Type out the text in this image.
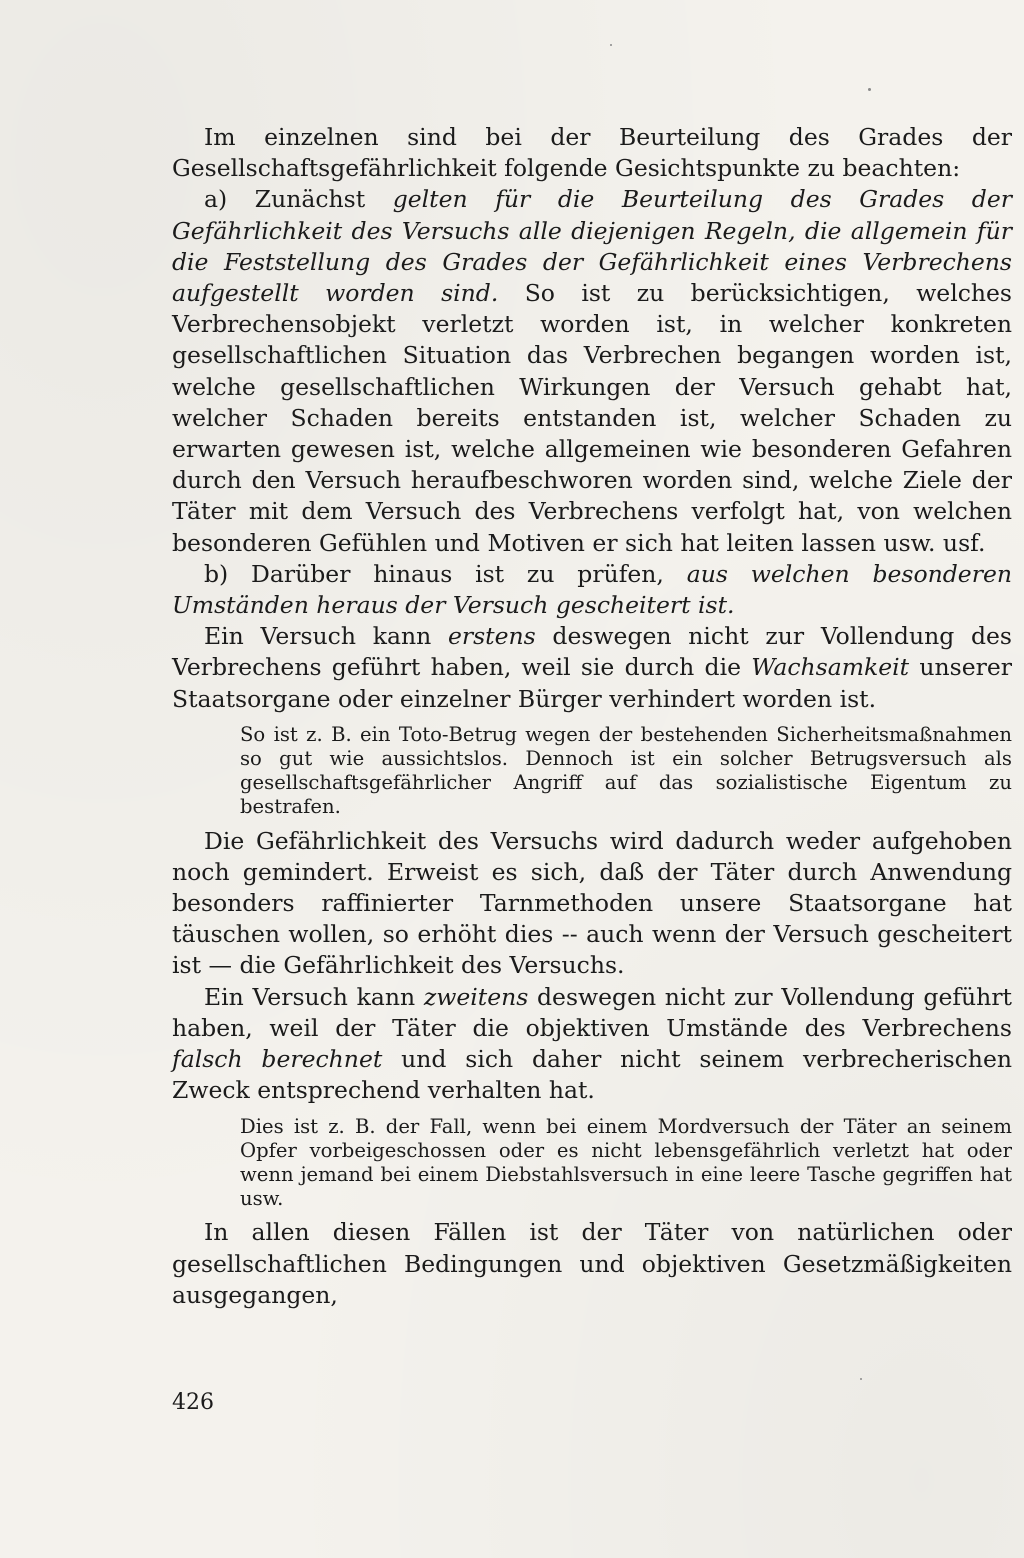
Im einzelnen sind bei der Beurteilung des Grades der Gesellschaftsgefährlichkeit folgende Gesichtspunkte zu beachten:

a) Zunächst gelten für die Beurteilung des Grades der Gefährlichkeit des Versuchs alle diejenigen Regeln, die allgemein für die Feststellung des Grades der Gefährlichkeit eines Verbrechens aufgestellt worden sind. So ist zu berücksichtigen, welches Verbrechensobjekt verletzt worden ist, in welcher konkreten gesellschaftlichen Situation das Verbrechen begangen worden ist, welche gesellschaftlichen Wirkungen der Versuch gehabt hat, welcher Schaden bereits entstanden ist, welcher Schaden zu erwarten gewesen ist, welche allgemeinen wie besonderen Gefahren durch den Versuch heraufbeschworen worden sind, welche Ziele der Täter mit dem Versuch des Verbrechens verfolgt hat, von welchen besonderen Gefühlen und Motiven er sich hat leiten lassen usw. usf.

b) Darüber hinaus ist zu prüfen, aus welchen besonderen Umständen heraus der Versuch gescheitert ist.

Ein Versuch kann erstens deswegen nicht zur Vollendung des Verbrechens geführt haben, weil sie durch die Wachsamkeit unserer Staatsorgane oder einzelner Bürger verhindert worden ist.

So ist z. B. ein Toto-Betrug wegen der bestehenden Sicherheitsmaßnahmen so gut wie aussichtslos. Dennoch ist ein solcher Betrugsversuch als gesellschaftsgefährlicher Angriff auf das sozialistische Eigentum zu bestrafen.

Die Gefährlichkeit des Versuchs wird dadurch weder aufgehoben noch gemindert. Erweist es sich, daß der Täter durch Anwendung besonders raffinierter Tarnmethoden unsere Staatsorgane hat täuschen wollen, so erhöht dies -- auch wenn der Versuch gescheitert ist — die Gefährlichkeit des Versuchs.

Ein Versuch kann zweitens deswegen nicht zur Vollendung geführt haben, weil der Täter die objektiven Umstände des Verbrechens falsch berechnet und sich daher nicht seinem verbrecherischen Zweck entsprechend verhalten hat.

Dies ist z. B. der Fall, wenn bei einem Mordversuch der Täter an seinem Opfer vorbeigeschossen oder es nicht lebensgefährlich verletzt hat oder wenn jemand bei einem Diebstahlsversuch in eine leere Tasche gegriffen hat usw.

In allen diesen Fällen ist der Täter von natürlichen oder gesellschaftlichen Bedingungen und objektiven Gesetzmäßigkeiten ausgegangen,

426
